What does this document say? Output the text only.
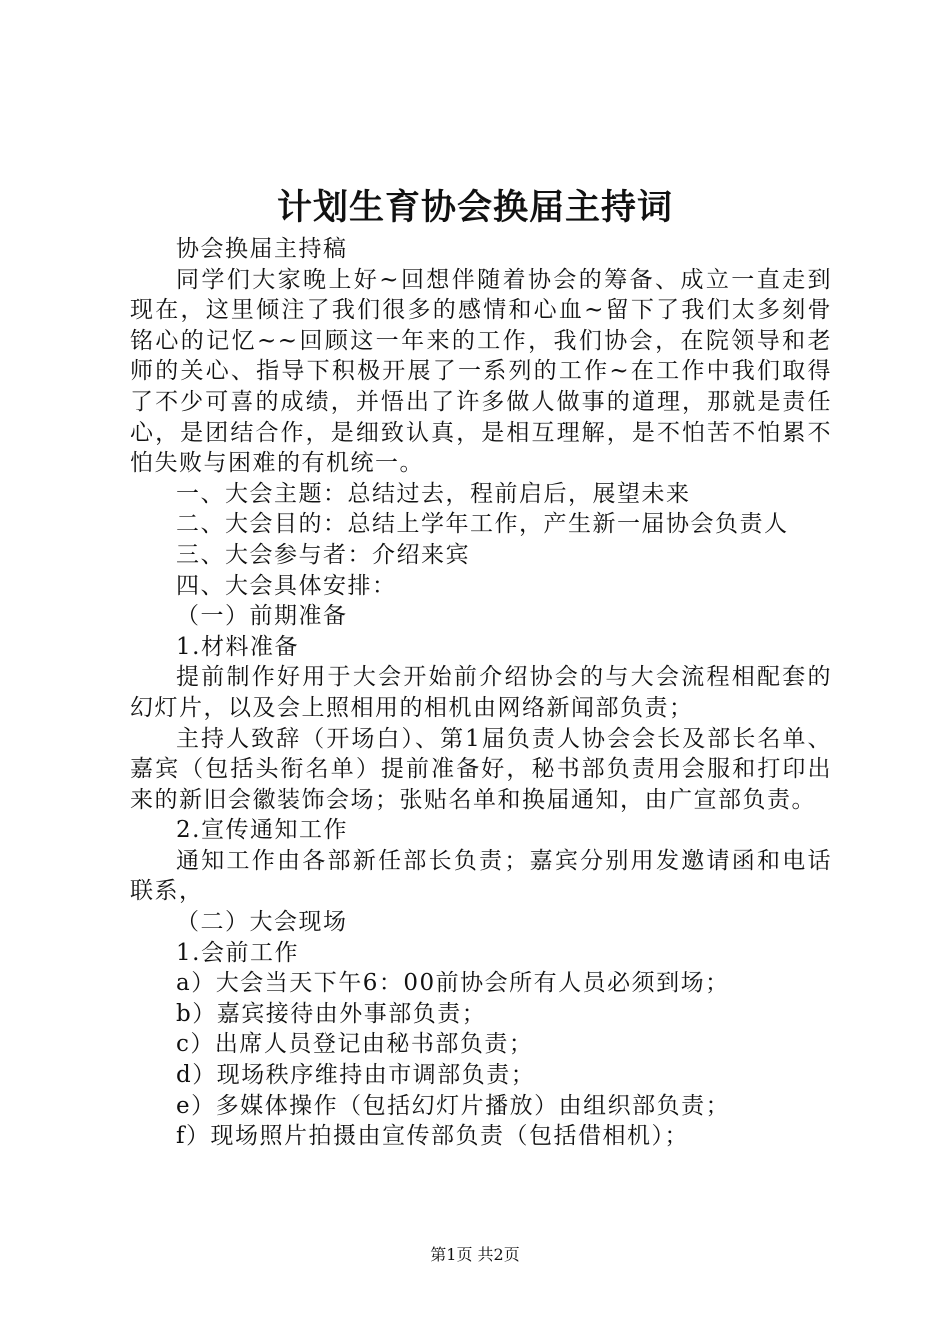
计划生育协会换届主持词

协会换届主持稿

同学们大家晚上好~回想伴随着协会的筹备、成立一直走到现在，这里倾注了我们很多的感情和心血~留下了我们太多刻骨铭心的记忆~~回顾这一年来的工作，我们协会，在院领导和老师的关心、指导下积极开展了一系列的工作~在工作中我们取得了不少可喜的成绩，并悟出了许多做人做事的道理，那就是责任心，是团结合作，是细致认真，是相互理解，是不怕苦不怕累不怕失败与困难的有机统一。

一、大会主题：总结过去，程前启后，展望未来

二、大会目的：总结上学年工作，产生新一届协会负责人

三、大会参与者：介绍来宾

四、大会具体安排：

（一）前期准备

1.材料准备

提前制作好用于大会开始前介绍协会的与大会流程相配套的幻灯片，以及会上照相用的相机由网络新闻部负责；

主持人致辞（开场白）、第1届负责人协会会长及部长名单、嘉宾（包括头衔名单）提前准备好，秘书部负责用会服和打印出来的新旧会徽装饰会场；张贴名单和换届通知，由广宣部负责。

2.宣传通知工作

通知工作由各部新任部长负责；嘉宾分别用发邀请函和电话联系，

（二）大会现场

1.会前工作

a）大会当天下午6：00前协会所有人员必须到场；

b）嘉宾接待由外事部负责；

c）出席人员登记由秘书部负责；

d）现场秩序维持由市调部负责；

e）多媒体操作（包括幻灯片播放）由组织部负责；

f）现场照片拍摄由宣传部负责（包括借相机）；

第1页 共2页
